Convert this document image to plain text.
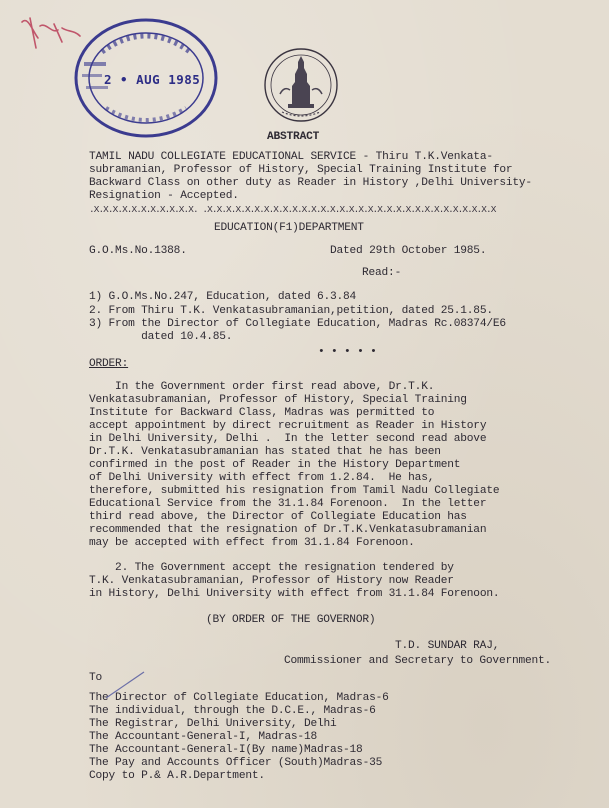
2 • AUG 1985
ABSTRACT
TAMIL NADU COLLEGIATE EDUCATIONAL SERVICE - Thiru T.K.Venkata-
subramanian, Professor of History, Special Training Institute for
Backward Class on other duty as Reader in History ,Delhi University-
Resignation - Accepted.
.X.X.X.X.X.X.X.X.X.X.X. .X.X.X.X.X.X.X.X.X.X.X.X.X.X.X.X.X.X.X.X.X.X.X.X.X.X.X.X.X.X.X
EDUCATION(F1)DEPARTMENT
G.O.Ms.No.1388.	Dated 29th October 1985.
Read:-
1) G.O.Ms.No.247, Education, dated 6.3.84
2. From Thiru T.K. Venkatasubramanian,petition, dated 25.1.85.
3) From the Director of Collegiate Education, Madras Rc.08374/E6
dated 10.4.85.
• • • • •
ORDER:
In the Government order first read above, Dr.T.K.
Venkatasubramanian, Professor of History, Special Training
Institute for Backward Class, Madras was permitted to
accept appointment by direct recruitment as Reader in History
in Delhi University, Delhi .  In the letter second read above
Dr.T.K. Venkatasubramanian has stated that he has been
confirmed in the post of Reader in the History Department
of Delhi University with effect from 1.2.84.  He has,
therefore, submitted his resignation from Tamil Nadu Collegiate
Educational Service from the 31.1.84 Forenoon.  In the letter
third read above, the Director of Collegiate Education has
recommended that the resignation of Dr.T.K.Venkatasubramanian
may be accepted with effect from 31.1.84 Forenoon.
2. The Government accept the resignation tendered by
T.K. Venkatasubramanian, Professor of History now Reader
in History, Delhi University with effect from 31.1.84 Forenoon.
(BY ORDER OF THE GOVERNOR)
T.D. SUNDAR RAJ,
Commissioner and Secretary to Government.
To
The Director of Collegiate Education, Madras-6
The individual, through the D.C.E., Madras-6
The Registrar, Delhi University, Delhi
The Accountant-General-I, Madras-18
The Accountant-General-I(By name)Madras-18
The Pay and Accounts Officer (South)Madras-35
Copy to P.& A.R.Department.
